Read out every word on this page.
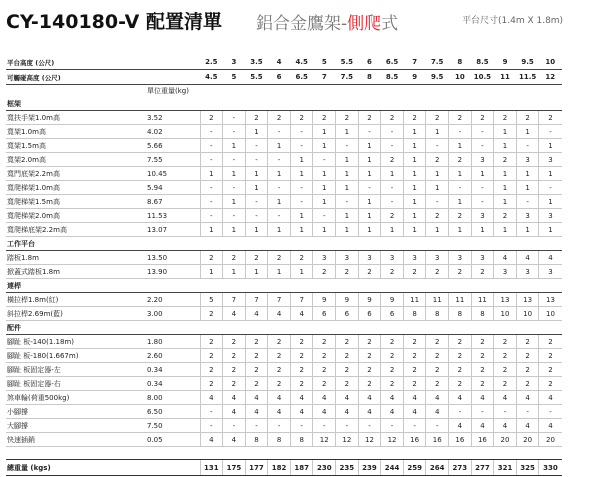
CY-140180-V 配置清單 鋁合金鷹架-側爬式	平台尺寸(1.4m X 1.8m)
平台高度 (公尺)		2.5	3	3.5	4	4.5	5	5.5	6	6.5	7	7.5	8	8.5	9	9.5	10
可觸碰高度 (公尺)		4.5	5	5.5	6	6.5	7	7.5	8	8.5	9	9.5	10	10.5	11	11.5	12
	單位重量(kg)																
框架																	
寬扶手架1.0m高	3.52	2	-	2	2	2	2	2	2	2	2	2	2	2	2	2	2
寬架1.0m高	4.02	-	-	1	-	-	1	1	-	-	1	1	-	-	1	1	-
寬架1.5m高	5.66	-	1	-	1	-	1	-	1	-	1	-	1	-	1	-	1
寬架2.0m高	7.55	-	-	-	-	1	-	1	1	2	1	2	2	3	2	3	3
寬門底架2.2m高	10.45	1	1	1	1	1	1	1	1	1	1	1	1	1	1	1	1
寬爬梯架1.0m高	5.94	-	-	1	-	-	1	1	-	-	1	1	-	-	1	1	-
寬爬梯架1.5m高	8.67	-	1	-	1	-	1	-	1	-	1	-	1	-	1	-	1
寬爬梯架2.0m高	11.53	-	-	-	-	1	-	1	1	2	1	2	2	3	2	3	3
寬爬梯底架2.2m高	13.07	1	1	1	1	1	1	1	1	1	1	1	1	1	1	1	1
工作平台																	
踏板1.8m	13.50	2	2	2	2	2	3	3	3	3	3	3	3	3	4	4	4
掀蓋式踏板1.8m	13.90	1	1	1	1	1	2	2	2	2	2	2	2	2	3	3	3
連桿																	
橫拉桿1.8m(紅)	2.20	5	7	7	7	7	9	9	9	9	11	11	11	11	13	13	13
斜拉桿2.69m(藍)	3.00	2	4	4	4	4	6	6	6	6	8	8	8	8	10	10	10
配件																	
腳趾 板-140(1.18m)	1.80	2	2	2	2	2	2	2	2	2	2	2	2	2	2	2	2
腳趾 板-180(1.667m)	2.60	2	2	2	2	2	2	2	2	2	2	2	2	2	2	2	2
腳趾 板固定器-左	0.34	2	2	2	2	2	2	2	2	2	2	2	2	2	2	2	2
腳趾 板固定器-右	0.34	2	2	2	2	2	2	2	2	2	2	2	2	2	2	2	2
煞車輪(荷重500kg)	8.00	4	4	4	4	4	4	4	4	4	4	4	4	4	4	4	4
小腳撐	6.50	-	4	4	4	4	4	4	4	4	4	4	-	-	-	-	-
大腳撐	7.50	-	-	-	-	-	-	-	-	-	-	-	4	4	4	4	4
快速插銷	0.05	4	4	8	8	8	12	12	12	12	16	16	16	16	20	20	20

總重量 (kgs)		131	175	177	182	187	230	235	239	244	259	264	273	277	321	325	330
